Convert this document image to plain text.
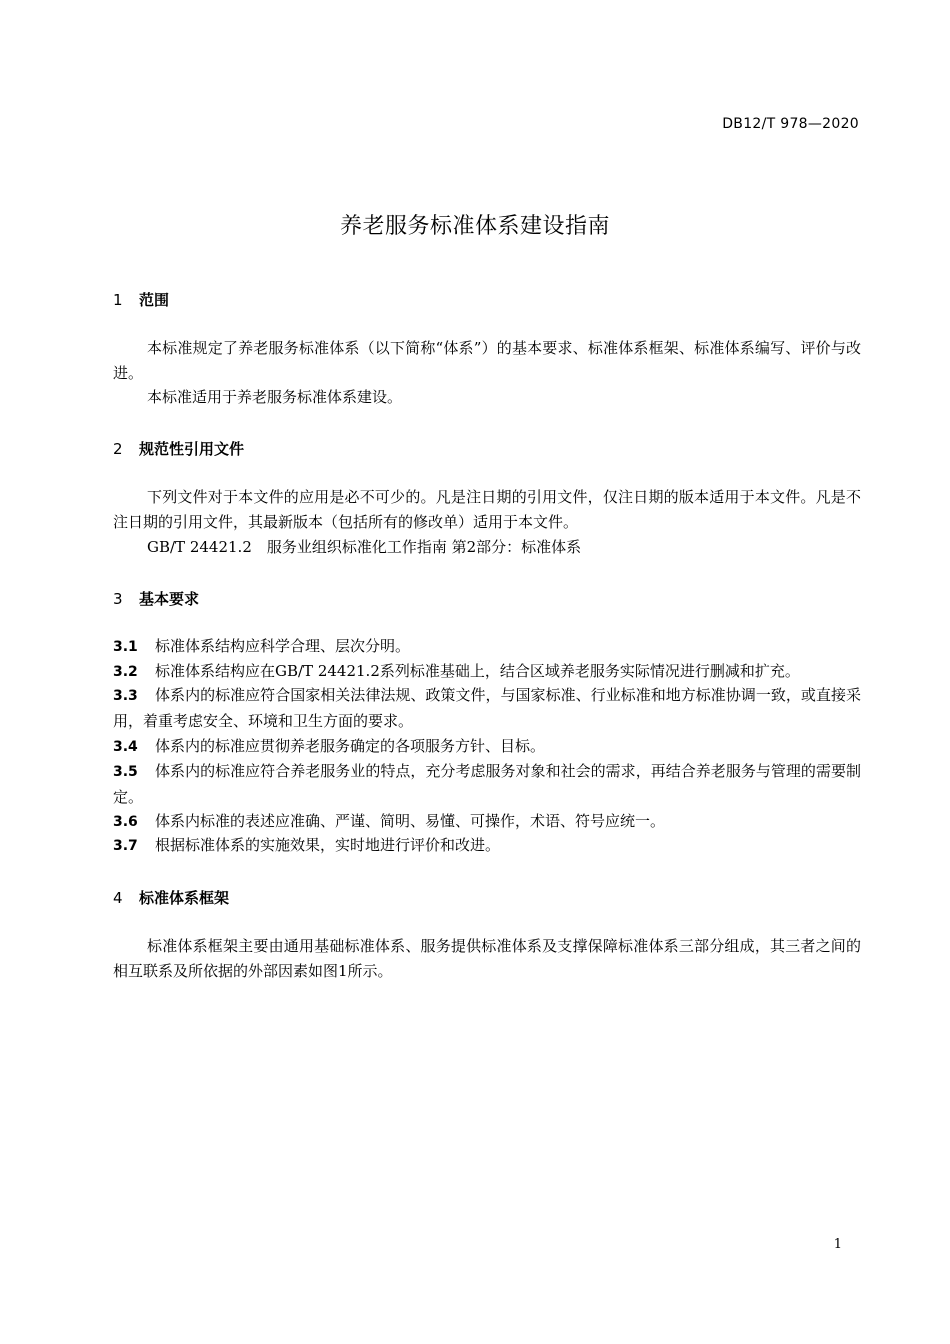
DB12/T 978—2020
养老服务标准体系建设指南
1 范围
本标准规定了养老服务标准体系（以下简称“体系”）的基本要求、标准体系框架、标准体系编写、评价与改进。
本标准适用于养老服务标准体系建设。
2 规范性引用文件
下列文件对于本文件的应用是必不可少的。凡是注日期的引用文件，仅注日期的版本适用于本文件。凡是不注日期的引用文件，其最新版本（包括所有的修改单）适用于本文件。
GB/T 24421.2　服务业组织标准化工作指南 第2部分：标准体系
3 基本要求
3.1 标准体系结构应科学合理、层次分明。
3.2 标准体系结构应在GB/T 24421.2系列标准基础上，结合区域养老服务实际情况进行删减和扩充。
3.3 体系内的标准应符合国家相关法律法规、政策文件，与国家标准、行业标准和地方标准协调一致，或直接采用，着重考虑安全、环境和卫生方面的要求。
3.4 体系内的标准应贯彻养老服务确定的各项服务方针、目标。
3.5 体系内的标准应符合养老服务业的特点，充分考虑服务对象和社会的需求，再结合养老服务与管理的需要制定。
3.6 体系内标准的表述应准确、严谨、简明、易懂、可操作，术语、符号应统一。
3.7 根据标准体系的实施效果，实时地进行评价和改进。
4 标准体系框架
标准体系框架主要由通用基础标准体系、服务提供标准体系及支撑保障标准体系三部分组成，其三者之间的相互联系及所依据的外部因素如图1所示。
1
